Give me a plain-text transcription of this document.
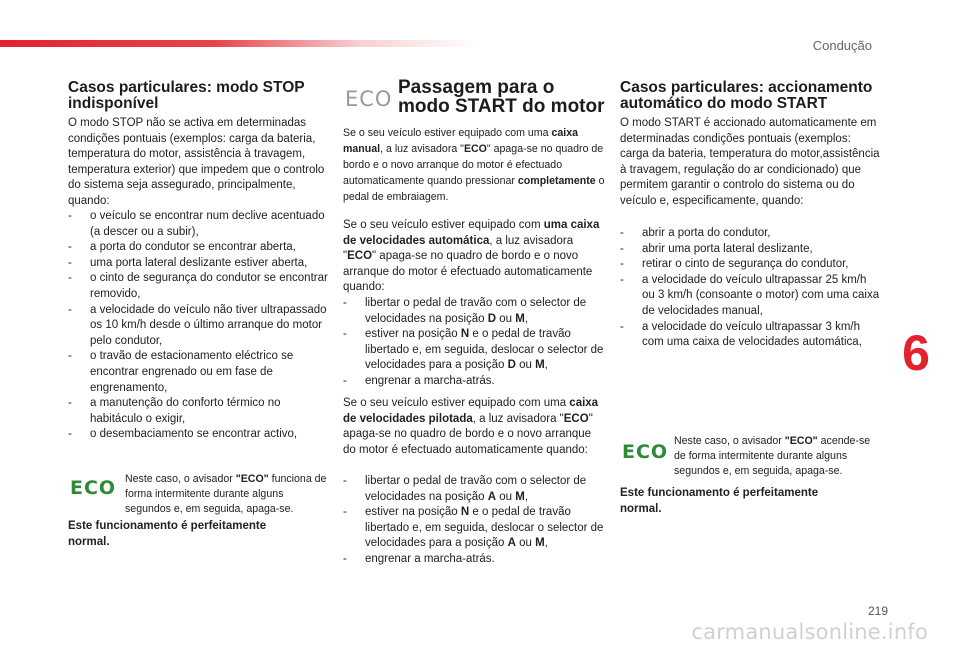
Condução
Casos particulares: modo STOP indisponível

O modo STOP não se activa em determinadas condições pontuais (exemplos: carga da bateria, temperatura do motor, assistência à travagem, temperatura exterior) que impedem que o controlo do sistema seja assegurado, principalmente, quando:

- o veículo se encontrar num declive acentuado (a descer ou a subir),
- a porta do condutor se encontrar aberta,
- uma porta lateral deslizante estiver aberta,
- o cinto de segurança do condutor se encontrar removido,
- a velocidade do veículo não tiver ultrapassado os 10 km/h desde o último arranque do motor pelo condutor,
- o travão de estacionamento eléctrico se encontrar engrenado ou em fase de engrenamento,
- a manutenção do conforto térmico no habitáculo o exigir,
- o desembaciamento se encontrar activo,
ECO Neste caso, o avisador "ECO" funciona de forma intermitente durante alguns segundos e, em seguida, apaga-se.

Este funcionamento é perfeitamente normal.

ECO Passagem para o modo START do motor

Se o seu veículo estiver equipado com uma caixa manual, a luz avisadora "ECO" apaga-se no quadro de bordo e o novo arranque do motor é efectuado automaticamente quando pressionar completamente o pedal de embraiagem.

Se o seu veículo estiver equipado com uma caixa de velocidades automática, a luz avisadora "ECO" apaga-se no quadro de bordo e o novo arranque do motor é efectuado automaticamente quando:

- libertar o pedal de travão com o selector de velocidades na posição D ou M,
- estiver na posição N e o pedal de travão libertado e, em seguida, deslocar o selector de velocidades para a posição D ou M,
- engrenar a marcha-atrás.

Se o seu veículo estiver equipado com uma caixa de velocidades pilotada, a luz avisadora "ECO" apaga-se no quadro de bordo e o novo arranque do motor é efectuado automaticamente quando:

- libertar o pedal de travão com o selector de velocidades na posição A ou M,
- estiver na posição N e o pedal de travão libertado e, em seguida, deslocar o selector de velocidades para a posição A ou M,
- engrenar a marcha-atrás.
Casos particulares: accionamento automático do modo START

O modo START é accionado automaticamente em determinadas condições pontuais (exemplos: carga da bateria, temperatura do motor,assistência à travagem, regulação do ar condicionado) que permitem garantir o controlo do sistema ou do veículo e, especificamente, quando:

- abrir a porta do condutor,
- abrir uma porta lateral deslizante,
- retirar o cinto de segurança do condutor,
- a velocidade do veículo ultrapassar 25 km/h ou 3 km/h (consoante o motor) com uma caixa de velocidades manual,
- a velocidade do veículo ultrapassar 3 km/h com uma caixa de velocidades automática,
ECO Neste caso, o avisador "ECO" acende-se de forma intermitente durante alguns segundos e, em seguida, apaga-se.

Este funcionamento é perfeitamente normal.

6
219
carmanualsonline.info
